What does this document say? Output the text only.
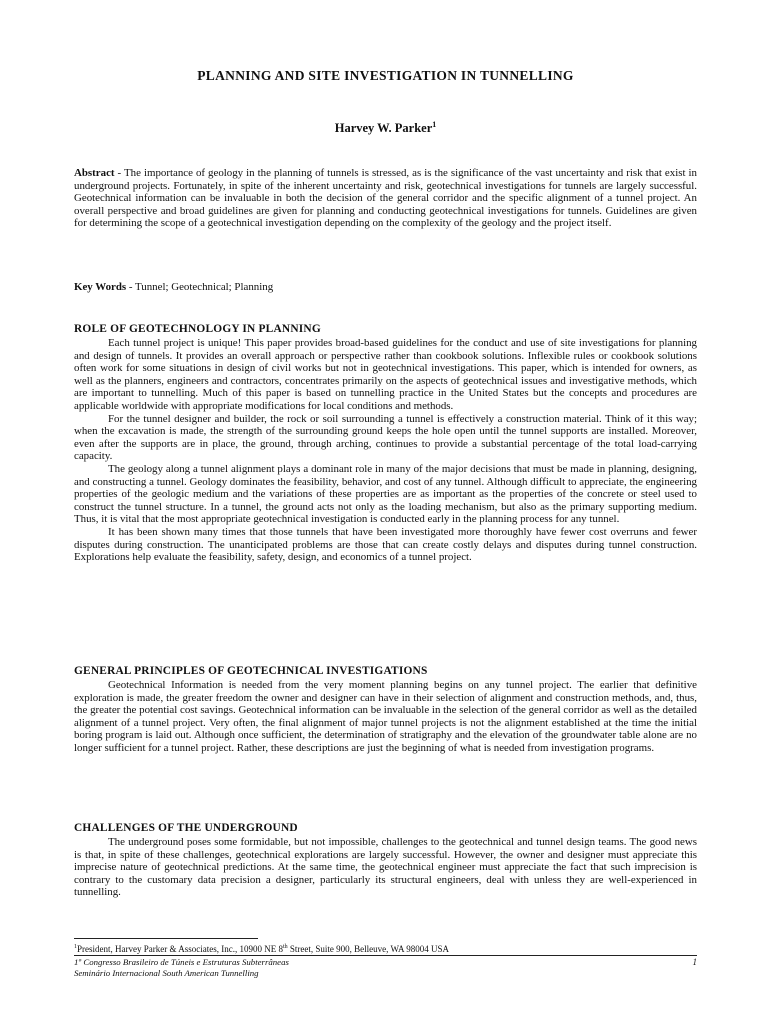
PLANNING AND SITE INVESTIGATION IN TUNNELLING
Harvey W. Parker$^1$

Abstract - The importance of geology in the planning of tunnels is stressed, as is the significance of the vast uncertainty and risk that exist in underground projects. Fortunately, in spite of the inherent uncertainty and risk, geotechnical investigations for tunnels are largely successful. Geotechnical information can be invaluable in both the decision of the general corridor and the specific alignment of a tunnel project. An overall perspective and broad guidelines are given for planning and conducting geotechnical investigations for tunnels. Guidelines are given for determining the scope of a geotechnical investigation depending on the complexity of the geology and the project itself.

Key Words - Tunnel; Geotechnical; Planning

ROLE OF GEOTECHNOLOGY IN PLANNING

Each tunnel project is unique! This paper provides broad-based guidelines for the conduct and use of site investigations for planning and design of tunnels. It provides an overall approach or perspective rather than cookbook solutions. Inflexible rules or cookbook solutions often work for some situations in design of civil works but not in geotechnical investigations. This paper, which is intended for owners, as well as the planners, engineers and contractors, concentrates primarily on the aspects of geotechnical issues and investigative methods, which are important to tunnelling. Much of this paper is based on tunnelling practice in the United States but the concepts and procedures are applicable worldwide with appropriate modifications for local conditions and methods.

For the tunnel designer and builder, the rock or soil surrounding a tunnel is effectively a construction material. Think of it this way; when the excavation is made, the strength of the surrounding ground keeps the hole open until the tunnel supports are installed. Moreover, even after the supports are in place, the ground, through arching, continues to provide a substantial percentage of the total load-carrying capacity.

The geology along a tunnel alignment plays a dominant role in many of the major decisions that must be made in planning, designing, and constructing a tunnel. Geology dominates the feasibility, behavior, and cost of any tunnel. Although difficult to appreciate, the engineering properties of the geologic medium and the variations of these properties are as important as the properties of the concrete or steel used to construct the tunnel structure. In a tunnel, the ground acts not only as the loading mechanism, but also as the primary supporting medium. Thus, it is vital that the most appropriate geotechnical investigation is conducted early in the planning process for any tunnel.

It has been shown many times that those tunnels that have been investigated more thoroughly have fewer cost overruns and fewer disputes during construction. The unanticipated problems are those that can create costly delays and disputes during tunnel construction. Explorations help evaluate the feasibility, safety, design, and economics of a tunnel project.

GENERAL PRINCIPLES OF GEOTECHNICAL INVESTIGATIONS

Geotechnical Information is needed from the very moment planning begins on any tunnel project. The earlier that definitive exploration is made, the greater freedom the owner and designer can have in their selection of alignment and construction methods, and, thus, the greater the potential cost savings. Geotechnical information can be invaluable in the selection of the general corridor as well as the detailed alignment of a tunnel project. Very often, the final alignment of major tunnel projects is not the alignment established at the time the initial boring program is laid out. Although once sufficient, the determination of stratigraphy and the elevation of the groundwater table alone are no longer sufficient for a tunnel project. Rather, these descriptions are just the beginning of what is needed from investigation programs.

CHALLENGES OF THE UNDERGROUND

The underground poses some formidable, but not impossible, challenges to the geotechnical and tunnel design teams. The good news is that, in spite of these challenges, geotechnical explorations are largely successful. However, the owner and designer must appreciate this imprecise nature of geotechnical predictions. At the same time, the geotechnical engineer must appreciate the fact that such imprecision is contrary to the customary data precision a designer, particularly its structural engineers, deal with unless they are well-experienced in tunnelling.

$^1$President, Harvey Parker & Associates, Inc., 10900 NE 8th Street, Suite 900, Belleuve, WA 98004 USA
1º Congresso Brasileiro de Túneis e Estruturas Subterrâneas
Seminário Internacional South American Tunnelling
1
